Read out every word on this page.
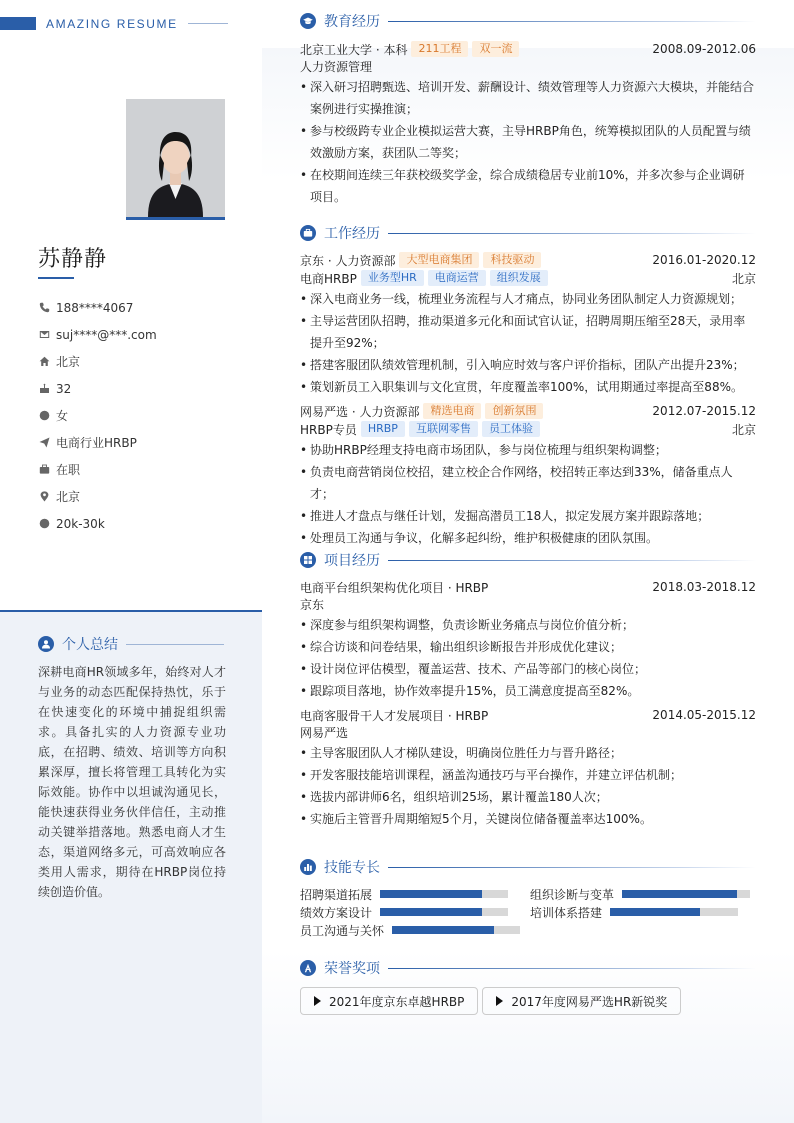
AMAZING RESUME
苏静静
188****4067
suj****@***.com
北京
32
女
电商行业HRBP
在职
北京
20k-30k
个人总结
深耕电商HR领域多年，始终对人才与业务的动态匹配保持热忱，乐于在快速变化的环境中捕捉组织需求。具备扎实的人力资源专业功底，在招聘、绩效、培训等方向积累深厚，擅长将管理工具转化为实际效能。协作中以坦诚沟通见长，能快速获得业务伙伴信任，主动推动关键举措落地。熟悉电商人才生态，渠道网络多元，可高效响应各类用人需求，期待在HRBP岗位持续创造价值。
教育经历
北京工业大学 · 本科	211工程	双一流	2008.09-2012.06
人力资源管理
• 深入研习招聘甄选、培训开发、薪酬设计、绩效管理等人力资源六大模块，并能结合案例进行实操推演；
• 参与校级跨专业企业模拟运营大赛，主导HRBP角色，统筹模拟团队的人员配置与绩效激励方案，获团队二等奖；
• 在校期间连续三年获校级奖学金，综合成绩稳居专业前10%，并多次参与企业调研项目。
工作经历
京东 · 人力资源部	大型电商集团	科技驱动	2016.01-2020.12
电商HRBP	业务型HR	电商运营	组织发展	北京
• 深入电商业务一线，梳理业务流程与人才痛点，协同业务团队制定人力资源规划；
• 主导运营团队招聘，推动渠道多元化和面试官认证，招聘周期压缩至28天，录用率提升至92%；
• 搭建客服团队绩效管理机制，引入响应时效与客户评价指标，团队产出提升23%；
• 策划新员工入职集训与文化宣贯，年度覆盖率100%，试用期通过率提高至88%。
网易严选 · 人力资源部	精选电商	创新氛围	2012.07-2015.12
HRBP专员	HRBP	互联网零售	员工体验	北京
• 协助HRBP经理支持电商市场团队，参与岗位梳理与组织架构调整；
• 负责电商营销岗位校招，建立校企合作网络，校招转正率达到33%，储备重点人才；
• 推进人才盘点与继任计划，发掘高潜员工18人，拟定发展方案并跟踪落地；
• 处理员工沟通与争议，化解多起纠纷，维护积极健康的团队氛围。
项目经历
电商平台组织架构优化项目 · HRBP	2018.03-2018.12
京东
• 深度参与组织架构调整，负责诊断业务痛点与岗位价值分析；
• 综合访谈和问卷结果，输出组织诊断报告并形成优化建议；
• 设计岗位评估模型，覆盖运营、技术、产品等部门的核心岗位；
• 跟踪项目落地，协作效率提升15%，员工满意度提高至82%。
电商客服骨干人才发展项目 · HRBP	2014.05-2015.12
网易严选
• 主导客服团队人才梯队建设，明确岗位胜任力与晋升路径；
• 开发客服技能培训课程，涵盖沟通技巧与平台操作，并建立评估机制；
• 选拔内部讲师6名，组织培训25场，累计覆盖180人次；
• 实施后主管晋升周期缩短5个月，关键岗位储备覆盖率达100%。
技能专长
招聘渠道拓展	组织诊断与变革
绩效方案设计	培训体系搭建
员工沟通与关怀
荣誉奖项
2021年度京东卓越HRBP	2017年度网易严选HR新锐奖
